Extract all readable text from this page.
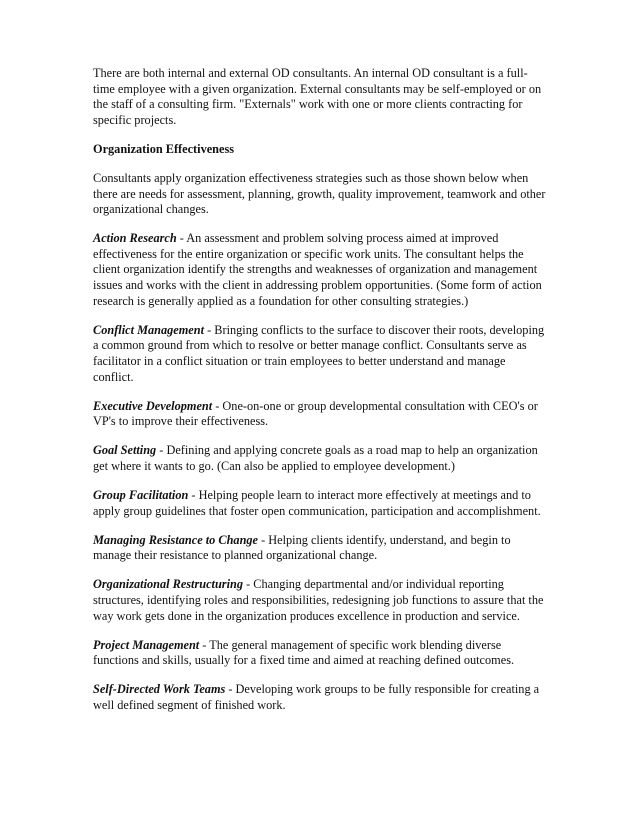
There are both internal and external OD consultants. An internal OD consultant is a full-time employee with a given organization. External consultants may be self-employed or on the staff of a consulting firm. "Externals" work with one or more clients contracting for specific projects.

Organization Effectiveness

Consultants apply organization effectiveness strategies such as those shown below when there are needs for assessment, planning, growth, quality improvement, teamwork and other organizational changes.

Action Research - An assessment and problem solving process aimed at improved effectiveness for the entire organization or specific work units. The consultant helps the client organization identify the strengths and weaknesses of organization and management issues and works with the client in addressing problem opportunities. (Some form of action research is generally applied as a foundation for other consulting strategies.)

Conflict Management - Bringing conflicts to the surface to discover their roots, developing a common ground from which to resolve or better manage conflict. Consultants serve as facilitator in a conflict situation or train employees to better understand and manage conflict.

Executive Development - One-on-one or group developmental consultation with CEO's or VP's to improve their effectiveness.

Goal Setting - Defining and applying concrete goals as a road map to help an organization get where it wants to go. (Can also be applied to employee development.)

Group Facilitation - Helping people learn to interact more effectively at meetings and to apply group guidelines that foster open communication, participation and accomplishment.

Managing Resistance to Change - Helping clients identify, understand, and begin to manage their resistance to planned organizational change.

Organizational Restructuring - Changing departmental and/or individual reporting structures, identifying roles and responsibilities, redesigning job functions to assure that the way work gets done in the organization produces excellence in production and service.

Project Management - The general management of specific work blending diverse functions and skills, usually for a fixed time and aimed at reaching defined outcomes.

Self-Directed Work Teams - Developing work groups to be fully responsible for creating a well defined segment of finished work.
